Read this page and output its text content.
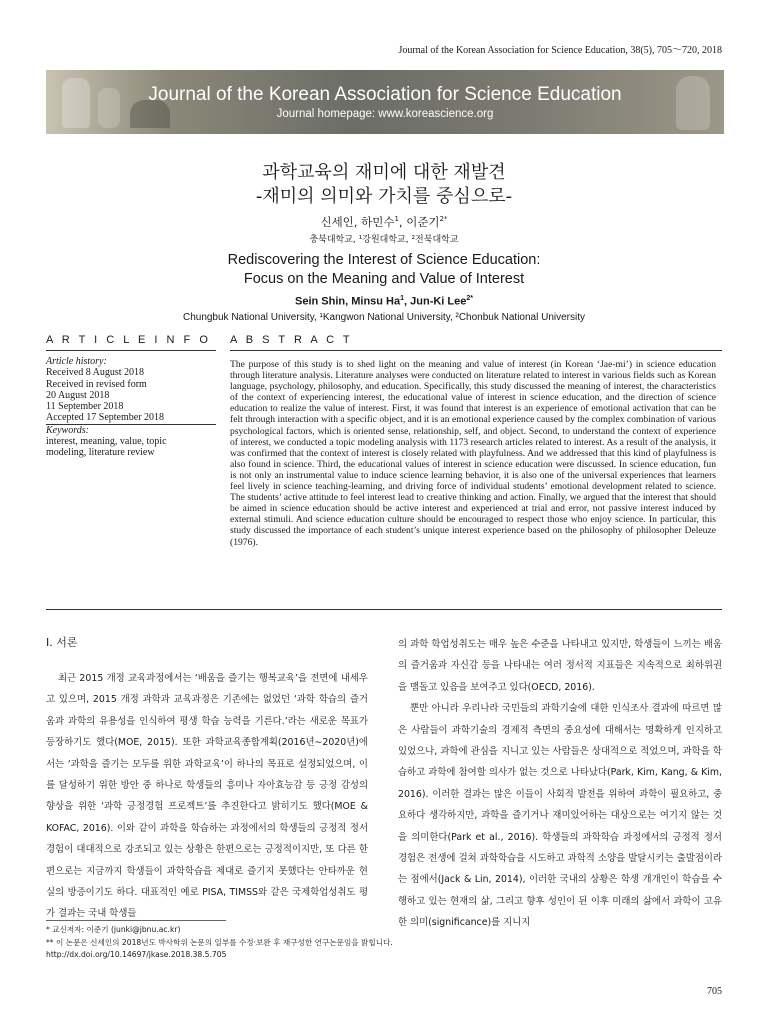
Journal of the Korean Association for Science Education, 38(5), 705～720, 2018
Journal of the Korean Association for Science Education
Journal homepage: www.koreascience.org
과학교육의 재미에 대한 재발견
-재미의 의미와 가치를 중심으로-
신세인, 하민수$^1$, 이준기$^{2*}$
충북대학교, ¹강원대학교, ²전북대학교
Rediscovering the Interest of Science Education:
Focus on the Meaning and Value of Interest
Sein Shin, Minsu Ha$^1$, Jun-Ki Lee$^{2*}$
Chungbuk National University, ¹Kangwon National University, ²Chonbuk National University
A R T I C L E I N F O A B S T R A C T
Article history:
Received 8 August 2018
Received in revised form
20 August 2018
11 September 2018
Accepted 17 September 2018
Keywords:
interest, meaning, value, topic
modeling, literature review
The purpose of this study is to shed light on the meaning and value of interest (in Korean ‘Jae-mi’) in science education through literature analysis. Literature analyses were conducted on literature related to interest in various fields such as Korean language, psychology, philosophy, and education. Specifically, this study discussed the meaning of interest, the characteristics of the context of experiencing interest, the educational value of interest in science education, and the direction of science education to realize the value of interest. First, it was found that interest is an experience of emotional activation that can be felt through interaction with a specific object, and it is an emotional experience caused by the complex combination of various psychological factors, which is oriented sense, relationship, self, and object. Second, to understand the context of experience of interest, we conducted a topic modeling analysis with 1173 research articles related to interest. As a result of the analysis, it was confirmed that the context of interest is closely related with playfulness. And we addressed that this kind of playfulness is also found in science. Third, the educational values of interest in science education were discussed. In science education, fun is not only an instrumental value to induce science learning behavior, it is also one of the universal experiences that learners feel lively in science teaching-learning, and driving force of individual students’ emotional development related to science. The students’ active attitude to feel interest lead to creative thinking and action. Finally, we argued that the interest that should be aimed in science education should be active interest and experienced at trial and error, not passive interest induced by external stimuli. And science education culture should be encouraged to respect those who enjoy science. In particular, this study discussed the importance of each student’s unique interest experience based on the philosophy of philosopher Deleuze (1976).
Ⅰ. 서론
최근 2015 개정 교육과정에서는 ‘배움을 즐기는 행복교육’을 전면에 내세우고 있으며, 2015 개정 과학과 교육과정은 기존에는 없었던 ‘과학 학습의 즐거움과 과학의 유용성을 인식하여 평생 학습 능력을 기른다.’라는 새로운 목표가 등장하기도 했다(MOE, 2015). 또한 과학교육종합계획(2016년∼2020년)에서는 ‘과학을 즐기는 모두를 위한 과학교육’이 하나의 목표로 설정되었으며, 이를 달성하기 위한 방안 중 하나로 학생들의 흥미나 자아효능감 등 긍정 감성의 향상을 위한 ‘과학 긍정경험 프로젝트’를 추진한다고 밝히기도 했다(MOE & KOFAC, 2016). 이와 같이 과학을 학습하는 과정에서의 학생들의 긍정적 정서 경험이 대대적으로 강조되고 있는 상황은 한편으로는 긍정적이지만, 또 다른 한편으로는 지금까지 학생들이 과학학습을 제대로 즐기지 못했다는 안타까운 현실의 방증이기도 하다. 대표적인 예로 PISA, TIMSS와 같은 국제학업성취도 평가 결과는 국내 학생들
의 과학 학업성취도는 매우 높은 수준을 나타내고 있지만, 학생들이 느끼는 배움의 즐거움과 자신감 등을 나타내는 여러 정서적 지표들은 지속적으로 최하위권을 맴돌고 있음을 보여주고 있다(OECD, 2016).
뿐만 아니라 우리나라 국민들의 과학기술에 대한 인식조사 결과에 따르면 많은 사람들이 과학기술의 경제적 측면의 중요성에 대해서는 명확하게 인지하고 있었으나, 과학에 관심을 지니고 있는 사람들은 상대적으로 적었으며, 과학을 학습하고 과학에 참여할 의사가 없는 것으로 나타났다(Park, Kim, Kang, & Kim, 2016). 이러한 결과는 많은 이들이 사회적 발전을 위하여 과학이 필요하고, 중요하다 생각하지만, 과학을 즐기거나 재미있어하는 대상으로는 여기지 않는 것을 의미한다(Park et al., 2016). 학생들의 과학학습 과정에서의 긍정적 정서 경험은 전생에 걸쳐 과학학습을 시도하고 과학적 소양을 발달시키는 출발점이라는 점에서(Jack & Lin, 2014), 이러한 국내의 상황은 학생 개개인이 학습을 수행하고 있는 현재의 삶, 그리고 향후 성인이 된 이후 미래의 삶에서 과학이 고유한 의미(significance)를 지니지
* 교신저자: 이준기 (junki@jbnu.ac.kr)
** 이 논문은 신세인의 2018년도 박사학위 논문의 일부를 수정·보완 후 재구성한 연구논문임을 밝힙니다.
http://dx.doi.org/10.14697/jkase.2018.38.5.705
705
